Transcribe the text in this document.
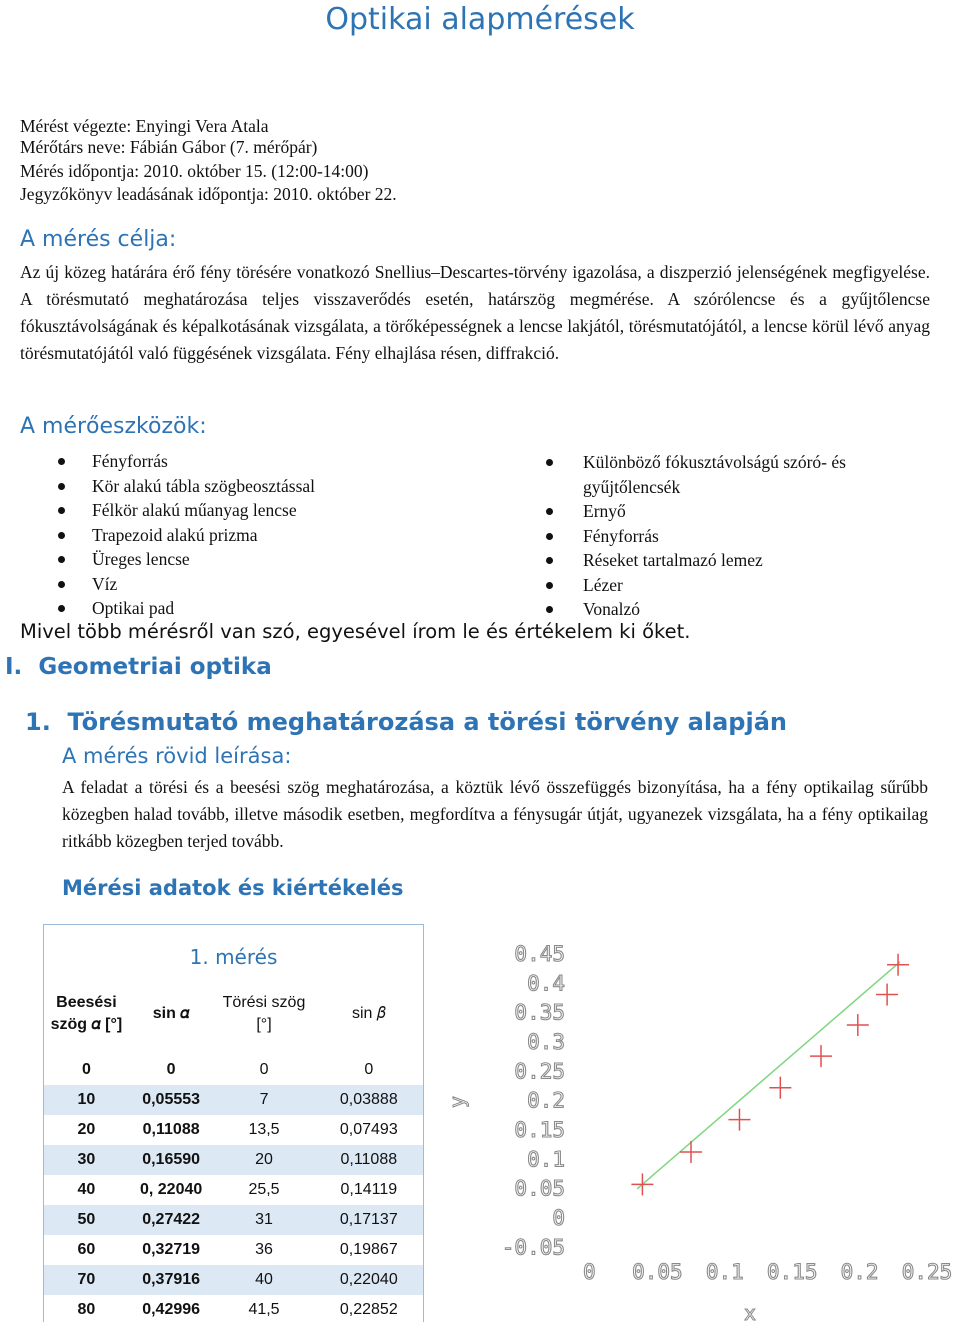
Optikai alapmérések
Mérést végezte: Enyingi Vera Atala
Mérőtárs neve: Fábián Gábor (7. mérőpár)
Mérés időpontja: 2010. október 15. (12:00-14:00)
Jegyzőkönyv leadásának időpontja: 2010. október 22.
A mérés célja:
Az új közeg határára érő fény törésére vonatkozó Snellius–Descartes-törvény igazolása, a diszperzió jelenségének megfigyelése. A törésmutató meghatározása teljes visszaverődés esetén, határszög megmérése. A szórólencse és a gyűjtőlencse fókusztávolságának és képalkotásának vizsgálata, a törőképességnek a lencse lakjától, törésmutatójától, a lencse körül lévő anyag törésmutatójától való függésének vizsgálata. Fény elhajlása résen, diffrakció.
A mérőeszközök:
Fényforrás
Kör alakú tábla szögbeosztással
Félkör alakú műanyag lencse
Trapezoid alakú prizma
Üreges lencse
Víz
Optikai pad
Különböző fókusztávolságú szóró- és gyűjtőlencsék
Ernyő
Fényforrás
Réseket tartalmazó lemez
Lézer
Vonalzó
Mivel több mérésről van szó, egyesével írom le és értékelem ki őket.
I. Geometriai optika
1. Törésmutató meghatározása a törési törvény alapján
A mérés rövid leírása:
A feladat a törési és a beesési szög meghatározása, a köztük lévő összefüggés bizonyítása, ha a fény optikailag sűrűbb közegben halad tovább, illetve második esetben, megfordítva a fénysugár útját, ugyanezek vizsgálata, ha a fény optikailag ritkább közegben terjed tovább.
Mérési adatok és kiértékelés
1. mérés
Beesési szög 𝛼 [°]	sin 𝛼	Törési szög [°]	sin 𝛽
0	0	0	0
10	0,05553	7	0,03888
20	0,11088	13,5	0,07493
30	0,16590	20	0,11088
40	0, 22040	25,5	0,14119
50	0,27422	31	0,17137
60	0,32719	36	0,19867
70	0,37916	40	0,22040
80	0,42996	41,5	0,22852
0.45
0.4
0.35
0.3
0.25
0.2
0.15
0.1
0.05
0
-0.05
0 0.05 0.1 0.15 0.2 0.25
y
x
